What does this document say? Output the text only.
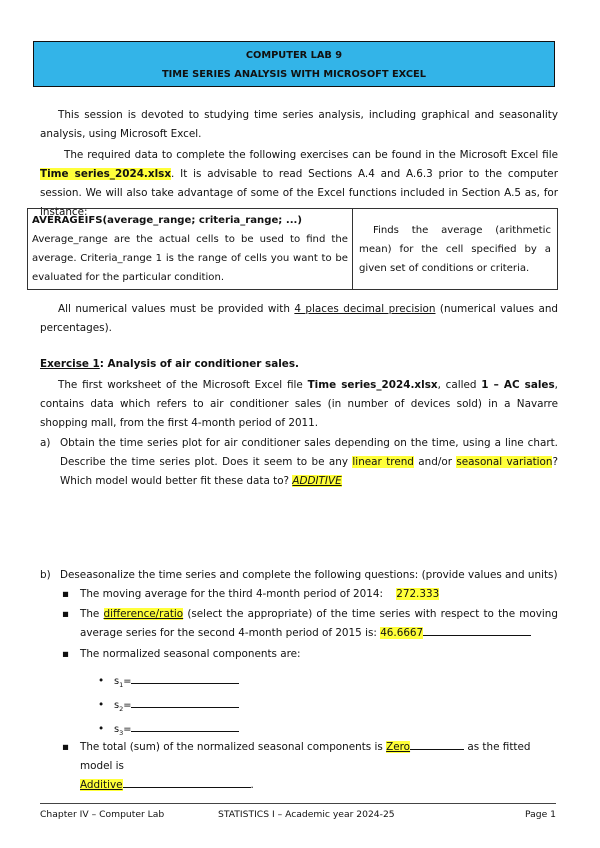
COMPUTER LAB 9
TIME SERIES ANALYSIS WITH MICROSOFT EXCEL
This session is devoted to studying time series analysis, including graphical and seasonality analysis, using Microsoft Excel.
The required data to complete the following exercises can be found in the Microsoft Excel file Time series_2024.xlsx. It is advisable to read Sections A.4 and A.6.3 prior to the computer session. We will also take advantage of some of the Excel functions included in Section A.5 as, for instance:
AVERAGEIFS(average_range; criteria_range; ...)
Average_range are the actual cells to be used to find the average. Criteria_range 1 is the range of cells you want to be evaluated for the particular condition.
	Finds the average (arithmetic mean) for the cell specified by a given set of conditions or criteria.
All numerical values must be provided with 4 places decimal precision (numerical values and percentages).
Exercise 1: Analysis of air conditioner sales.
The first worksheet of the Microsoft Excel file Time series_2024.xlsx, called 1 – AC sales, contains data which refers to air conditioner sales (in number of devices sold) in a Navarre shopping mall, from the first 4-month period of 2011.
a) Obtain the time series plot for air conditioner sales depending on the time, using a line chart. Describe the time series plot. Does it seem to be any linear trend and/or seasonal variation? Which model would better fit these data to? ADDITIVE
b) Deseasonalize the time series and complete the following questions: (provide values and units)
▪ The moving average for the third 4-month period of 2014: 272.333
▪ The difference/ratio (select the appropriate) of the time series with respect to the moving average series for the second 4-month period of 2015 is: 46.6667
▪ The normalized seasonal components are:
• $s_1=$
• $s_2=$
• $s_3=$
▪ The total (sum) of the normalized seasonal components is Zero	as the fitted model is
Additive	.
Chapter IV – Computer Lab	STATISTICS I – Academic year 2024-25	Page 1
